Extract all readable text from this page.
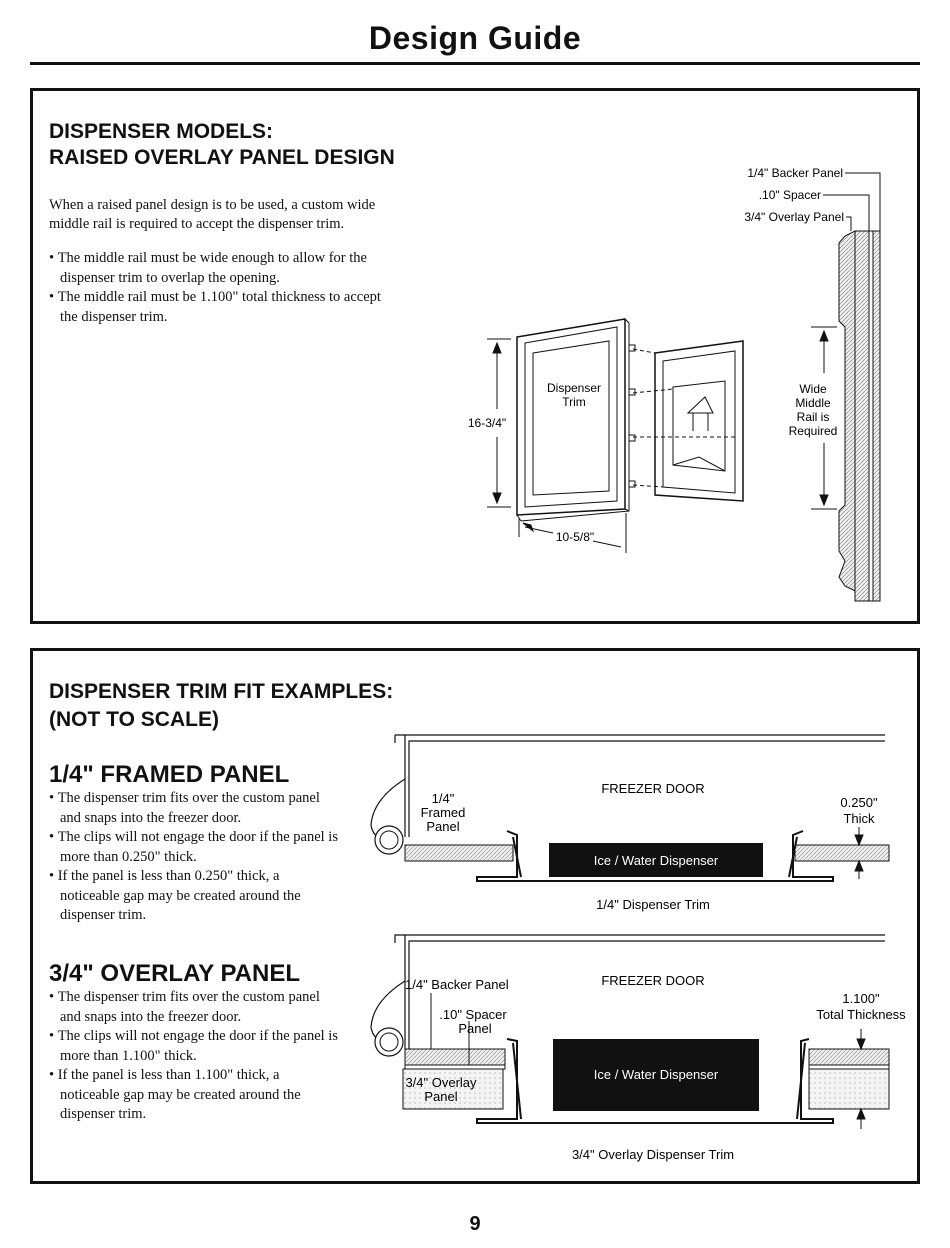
Design Guide
DISPENSER MODELS:
RAISED OVERLAY PANEL DESIGN

When a raised panel design is to be used, a custom wide middle rail is required to accept the dispenser trim.

• The middle rail must be wide enough to allow for the dispenser trim to overlap the opening.
• The middle rail must be 1.100" total thickness to accept the dispenser trim.
1/4" Backer Panel
.10" Spacer
3/4" Overlay Panel
Wide
Middle
Rail is
Required
Dispenser
Trim
16-3/4"
10-5/8"
DISPENSER TRIM FIT EXAMPLES:
(NOT TO SCALE)
1/4" FRAMED PANEL
• The dispenser trim fits over the custom panel and snaps into the freezer door.
• The clips will not engage the door if the panel is more than 0.250" thick.
• If the panel is less than 0.250" thick, a noticeable gap may be created around the dispenser trim.
3/4" OVERLAY PANEL
• The dispenser trim fits over the custom panel and snaps into the freezer door.
• The clips will not engage the door if the panel is more than 1.100" thick.
• If the panel is less than 1.100" thick, a noticeable gap may be created around the dispenser trim.
FREEZER DOOR
1/4"
Framed
Panel
0.250"
Thick
Ice / Water Dispenser
1/4" Dispenser Trim
FREEZER DOOR
1/4" Backer Panel
.10" Spacer
Panel
3/4" Overlay
Panel
1.100"
Total Thickness
Ice / Water Dispenser
3/4" Overlay Dispenser Trim
9
